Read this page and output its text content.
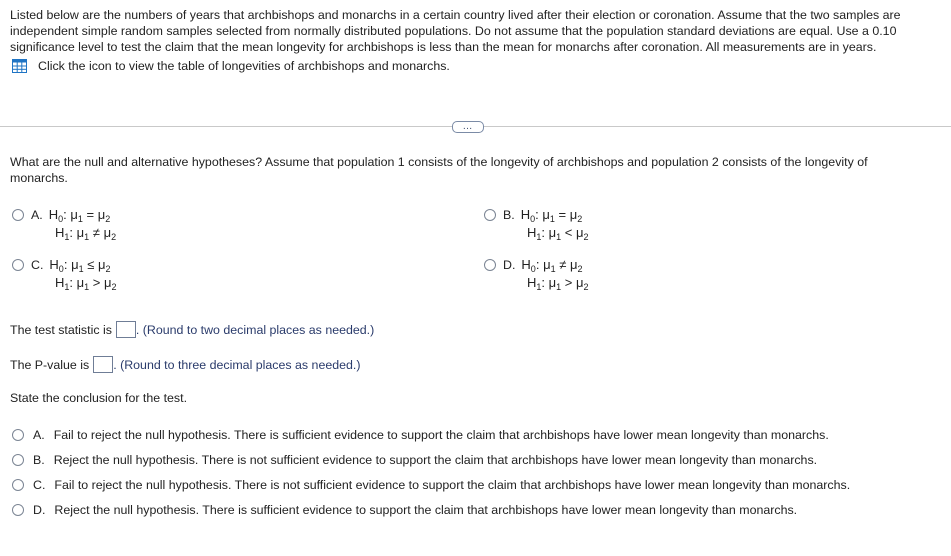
Listed below are the numbers of years that archbishops and monarchs in a certain country lived after their election or coronation. Assume that the two samples are

independent simple random samples selected from normally distributed populations. Do not assume that the population standard deviations are equal. Use a 0.10

significance level to test the claim that the mean longevity for archbishops is less than the mean for monarchs after coronation. All measurements are in years.

Click the icon to view the table of longevities of archbishops and monarchs.
…
What are the null and alternative hypotheses? Assume that population 1 consists of the longevity of archbishops and population 2 consists of the longevity of
monarchs.
A. $H_0$: $\mu_1 = \mu_2$
$H_1$: $\mu_1 \ne \mu_2$
B. $H_0$: $\mu_1 = \mu_2$
$H_1$: $\mu_1 < \mu_2$
C. $H_0$: $\mu_1 \le \mu_2$
$H_1$: $\mu_1 > \mu_2$
D. $H_0$: $\mu_1 \ne \mu_2$
$H_1$: $\mu_1 > \mu_2$
The test statistic is . (Round to two decimal places as needed.)
The P-value is . (Round to three decimal places as needed.)
State the conclusion for the test.
A. Fail to reject the null hypothesis. There is sufficient evidence to support the claim that archbishops have lower mean longevity than monarchs.
B. Reject the null hypothesis. There is not sufficient evidence to support the claim that archbishops have lower mean longevity than monarchs.
C. Fail to reject the null hypothesis. There is not sufficient evidence to support the claim that archbishops have lower mean longevity than monarchs.
D. Reject the null hypothesis. There is sufficient evidence to support the claim that archbishops have lower mean longevity than monarchs.
